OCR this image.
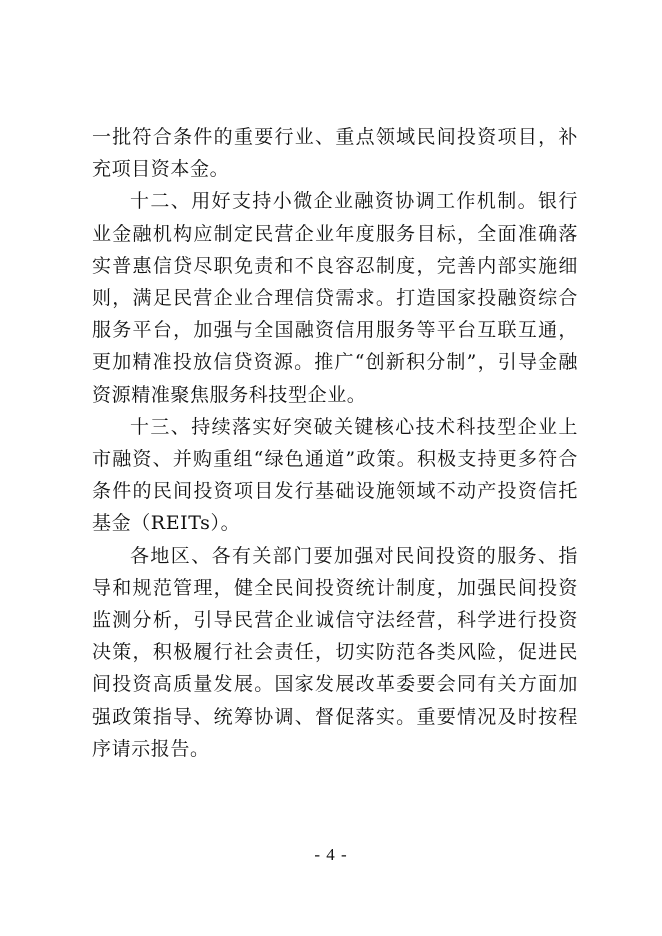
一批符合条件的重要行业、重点领域民间投资项目，补充项目资本金。

十二、用好支持小微企业融资协调工作机制。银行业金融机构应制定民营企业年度服务目标，全面准确落实普惠信贷尽职免责和不良容忍制度，完善内部实施细则，满足民营企业合理信贷需求。打造国家投融资综合服务平台，加强与全国融资信用服务等平台互联互通，更加精准投放信贷资源。推广“创新积分制”，引导金融资源精准聚焦服务科技型企业。

十三、持续落实好突破关键核心技术科技型企业上市融资、并购重组“绿色通道”政策。积极支持更多符合条件的民间投资项目发行基础设施领域不动产投资信托基金（REITs）。

各地区、各有关部门要加强对民间投资的服务、指导和规范管理，健全民间投资统计制度，加强民间投资监测分析，引导民营企业诚信守法经营，科学进行投资决策，积极履行社会责任，切实防范各类风险，促进民间投资高质量发展。国家发展改革委要会同有关方面加强政策指导、统筹协调、督促落实。重要情况及时按程序请示报告。

- 4 -
